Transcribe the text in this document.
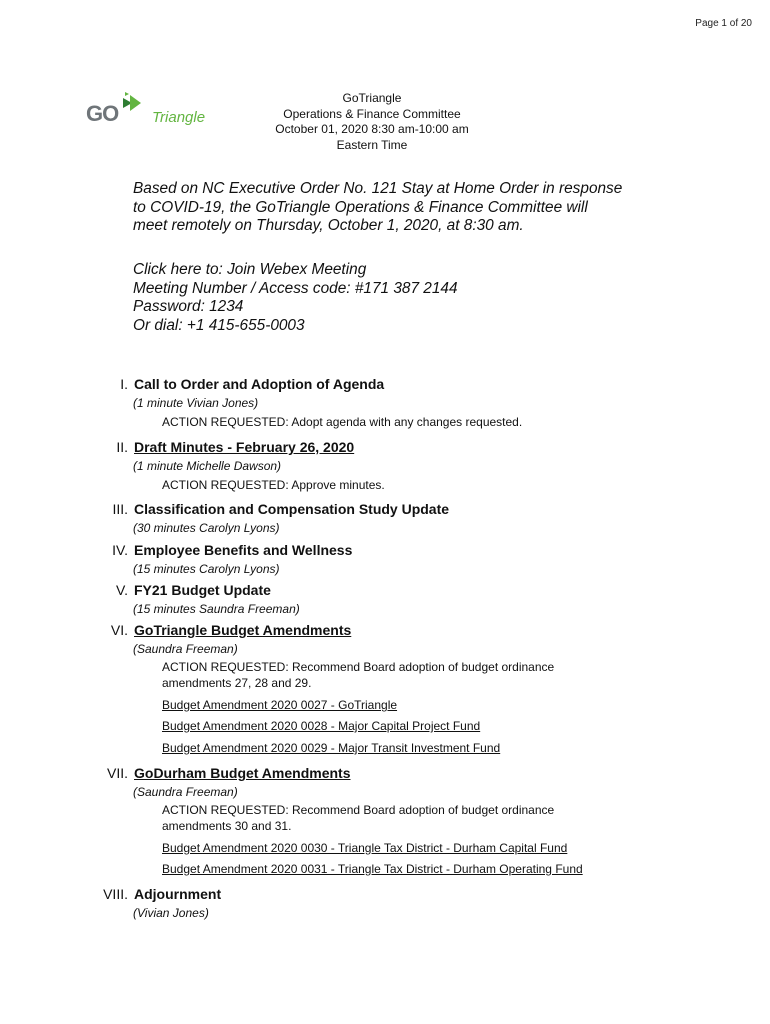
Page 1 of 20
GO Triangle
GoTriangle
Operations & Finance Committee
October 01, 2020 8:30 am-10:00 am
Eastern Time
Based on NC Executive Order No. 121 Stay at Home Order in response
to COVID-19, the GoTriangle Operations & Finance Committee will
meet remotely on Thursday, October 1, 2020, at 8:30 am.
Click here to: Join Webex Meeting
Meeting Number / Access code: #171 387 2144
Password: 1234
Or dial: +1 415-655-0003
I. Call to Order and Adoption of Agenda
(1 minute Vivian Jones)
ACTION REQUESTED: Adopt agenda with any changes requested.
II. Draft Minutes - February 26, 2020
(1 minute Michelle Dawson)
ACTION REQUESTED: Approve minutes.
III. Classification and Compensation Study Update
(30 minutes Carolyn Lyons)
IV. Employee Benefits and Wellness
(15 minutes Carolyn Lyons)
V. FY21 Budget Update
(15 minutes Saundra Freeman)
VI. GoTriangle Budget Amendments
(Saundra Freeman)
ACTION REQUESTED: Recommend Board adoption of budget ordinance
amendments 27, 28 and 29.
Budget Amendment 2020 0027 - GoTriangle
Budget Amendment 2020 0028 - Major Capital Project Fund
Budget Amendment 2020 0029 - Major Transit Investment Fund
VII. GoDurham Budget Amendments
(Saundra Freeman)
ACTION REQUESTED: Recommend Board adoption of budget ordinance
amendments 30 and 31.
Budget Amendment 2020 0030 - Triangle Tax District - Durham Capital Fund
Budget Amendment 2020 0031 - Triangle Tax District - Durham Operating Fund
VIII. Adjournment
(Vivian Jones)
